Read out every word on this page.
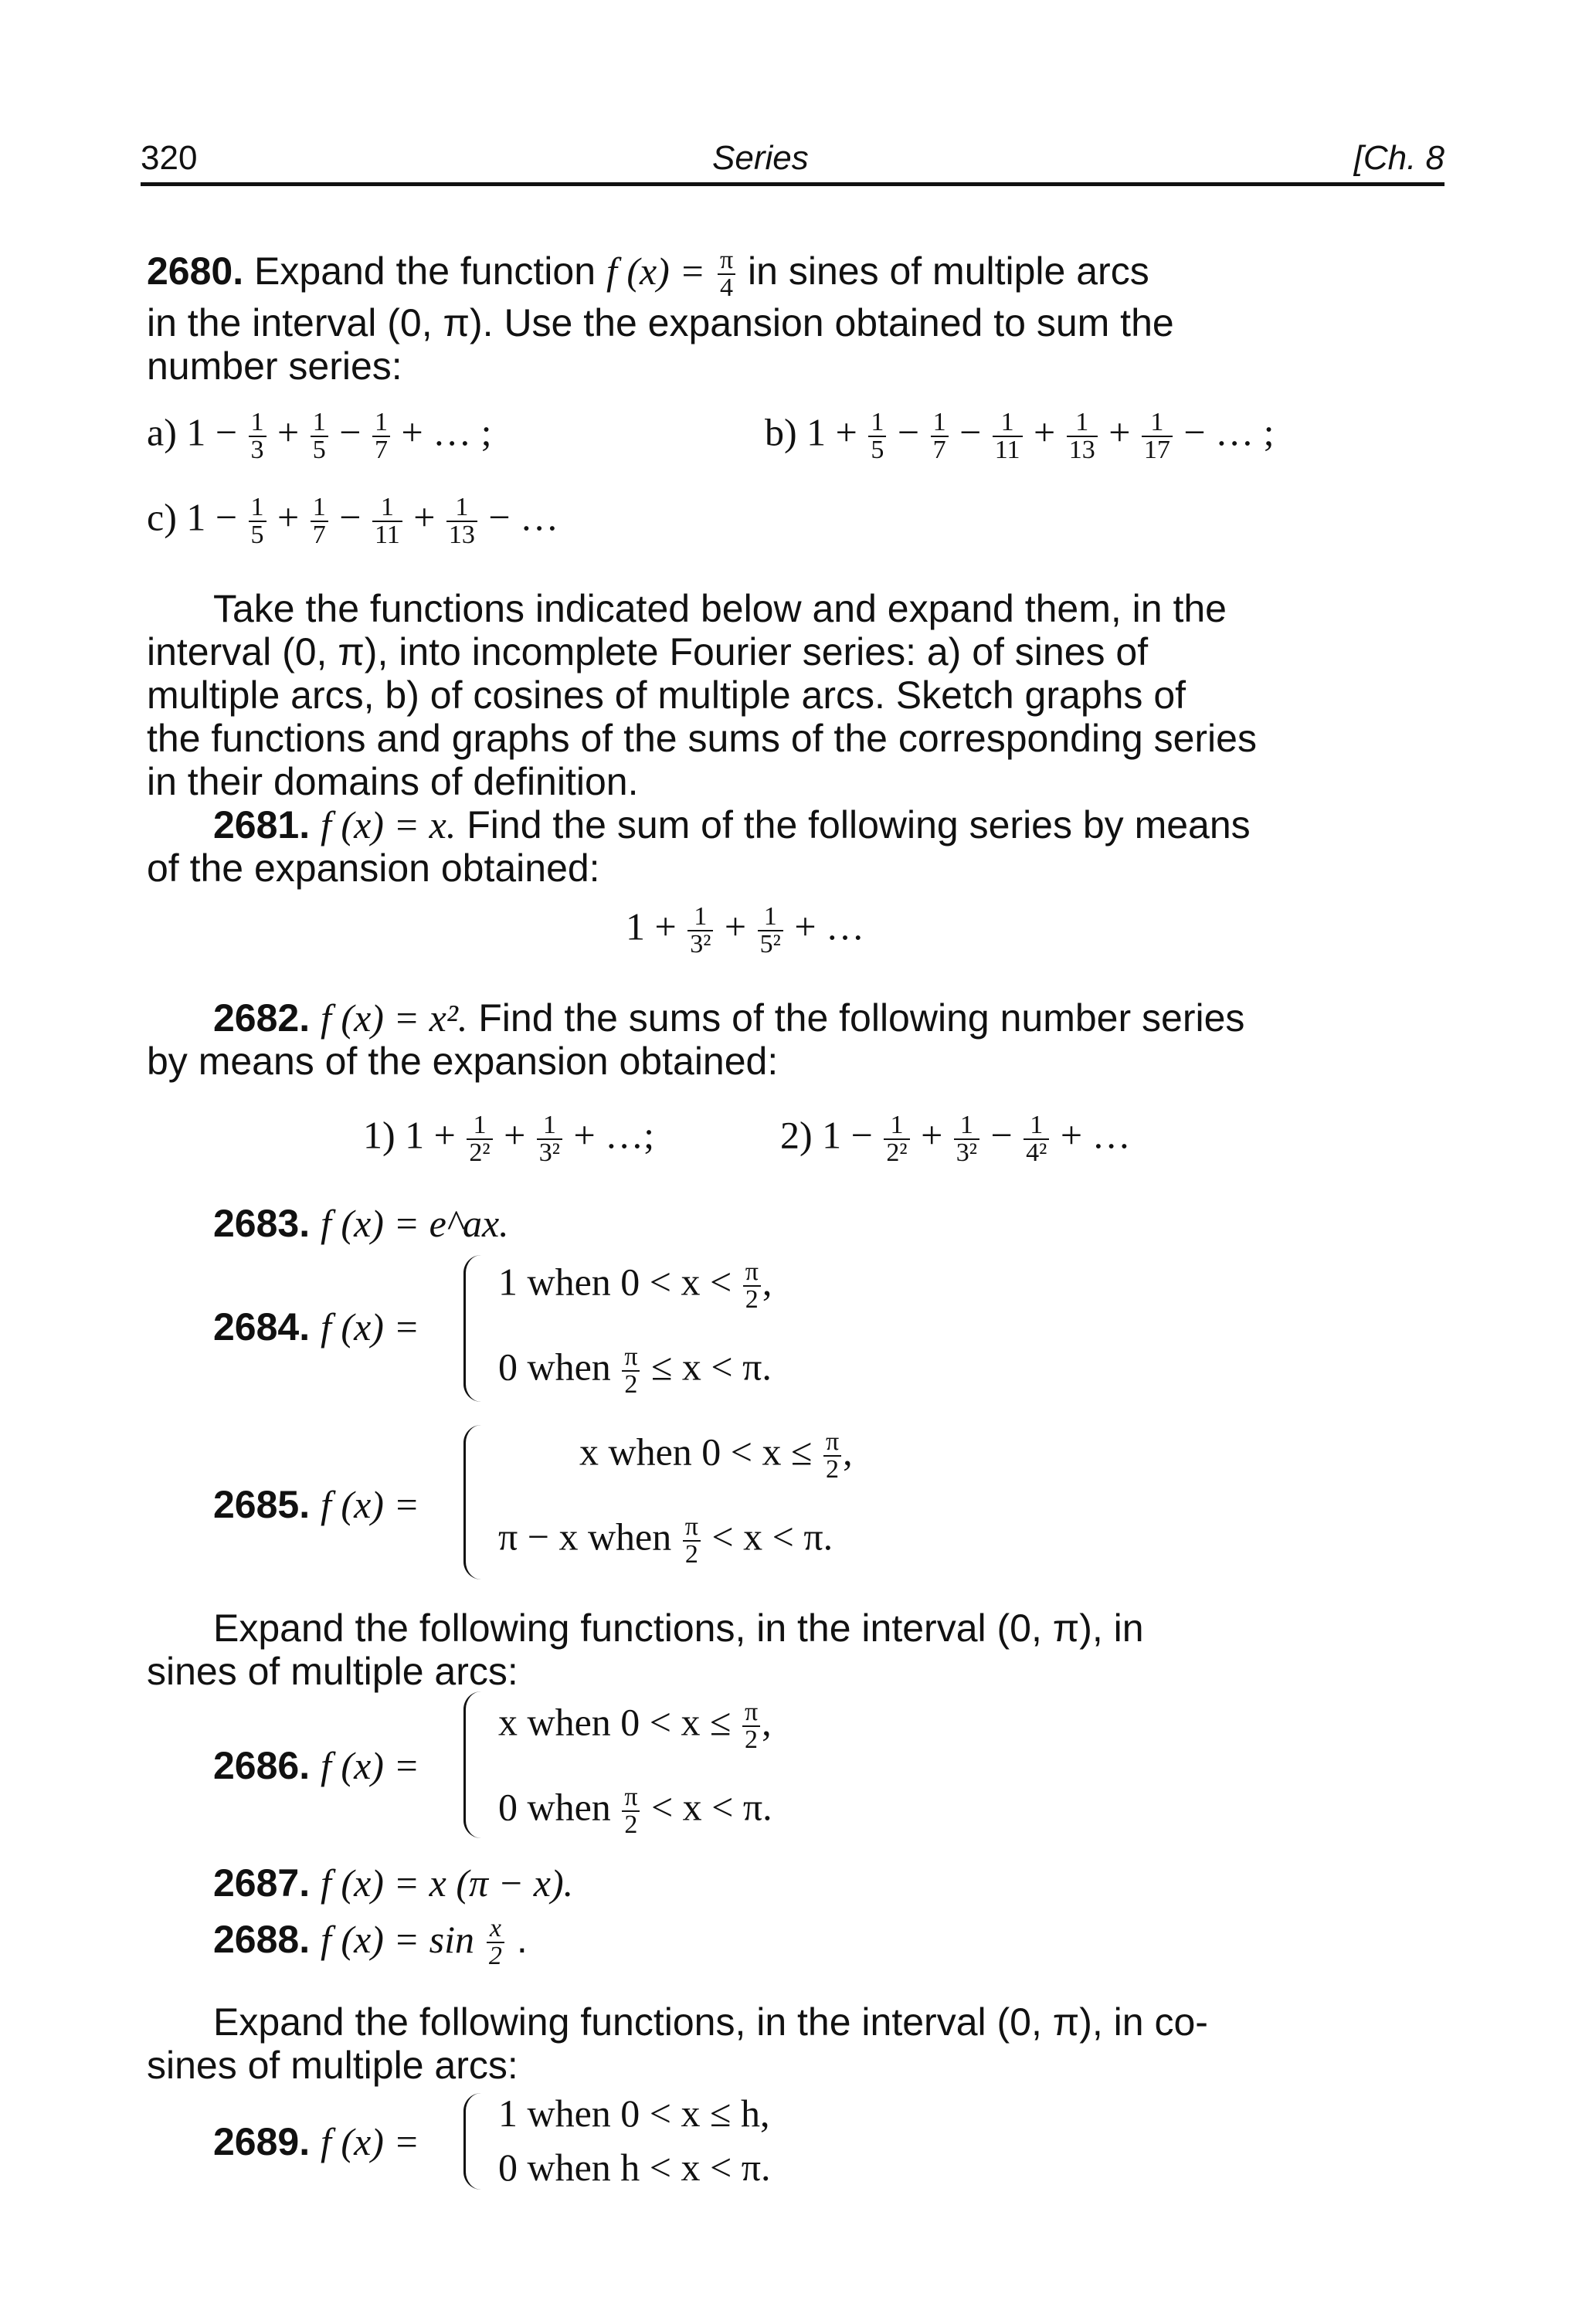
320	Series	[Ch. 8
2680. Expand the function f $(x) = \frac{\pi}{4}$ in sines of multiple arcs
in the interval (0, π). Use the expansion obtained to sum the
number series:
a) $1 - \frac{1}{3} + \frac{1}{5} - \frac{1}{7}$ + … ;	b) $1 + \frac{1}{5} - \frac{1}{7} - \frac{1}{11} + \frac{1}{13} + \frac{1}{17}$ − … ;
c) $1 - \frac{1}{5} + \frac{1}{7} - \frac{1}{11} + \frac{1}{13}$ − …
Take the functions indicated below and expand them, in the
interval (0, π), into incomplete Fourier series: a) of sines of
multiple arcs, b) of cosines of multiple arcs. Sketch graphs of
the functions and graphs of the sums of the corresponding series
in their domains of definition.
2681. f (x) = x. Find the sum of the following series by means
of the expansion obtained:
$1 + \frac{1}{\text{3²}} + \frac{1}{\text{5²}}$ + …
2682. f (x) = x². Find the sums of the following number series
by means of the expansion obtained:
1) $1 + \frac{1}{\text{2²}} + \frac{1}{\text{3²}}$ + …;	2) $1 - \frac{1}{\text{2²}} + \frac{1}{\text{3²}} - \frac{1}{\text{4²}}$ + …
2683. f (x) = e^ax.
2684. f (x) =
1 when $0 < x < \frac{\pi}{2}$ ,
0 when $\frac{\pi}{2} \le x < \pi$.
2685. f (x) =
x when $0 < x \le \frac{\pi}{2}$ ,
π − x when $\frac{\pi}{2} < x < \pi$.
Expand the following functions, in the interval (0, π), in
sines of multiple arcs:
2686. f (x) =
x when $0 < x \le \frac{\pi}{2}$ ,
0 when $\frac{\pi}{2} < x < \pi$.
2687. f (x) = x (π − x).
2688. f $(x) = \sin \frac{x}{2}$ .
Expand the following functions, in the interval (0, π), in co-
sines of multiple arcs:
2689. f (x) =
1 when 0 < x ≤ h,
0 when h < x < π.
